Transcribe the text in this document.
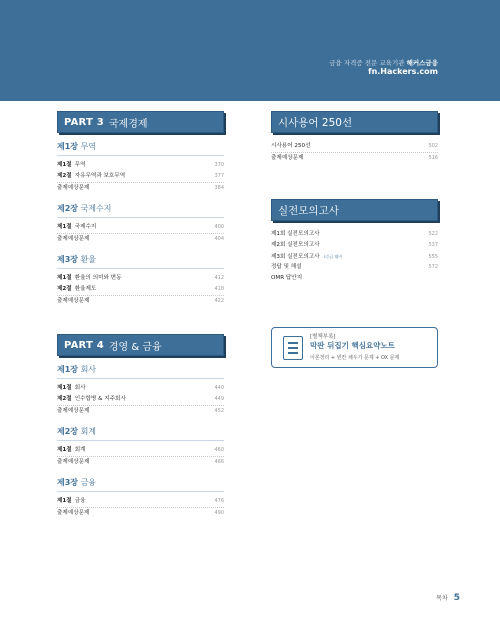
금융 자격증 전문 교육기관 해커스금융
fn.Hackers.com
PART 3 국제경제
제1장 무역
제1절 무역	370
제2절 자유무역과 보호무역	377
출제예상문제	384
제2장 국제수지
제1절 국제수지	400
출제예상문제	404
제3장 환율
제1절 환율의 의미와 변동	412
제2절 환율제도	418
출제예상문제	422
PART 4 경영 & 금융
제1장 회사
제1절 회사	440
제2절 인수합병 & 지주회사	449
출제예상문제	452
제2장 회계
제1절 회계	460
출제예상문제	466
제3장 금융
제1절 금융	476
출제예상문제	490
시사용어 250선
시사용어 250선	502
출제예상문제	516
실전모의고사
제1회 실전모의고사	522
제2회 실전모의고사	537
제3회 실전모의고사 1등급 대비	555
정답 및 해설	572
OMR 답안지
[별책부록]
막판 뒤집기 핵심요약노트
이론정리 + 빈칸 채우기 문제 + OX 문제
목차 5
